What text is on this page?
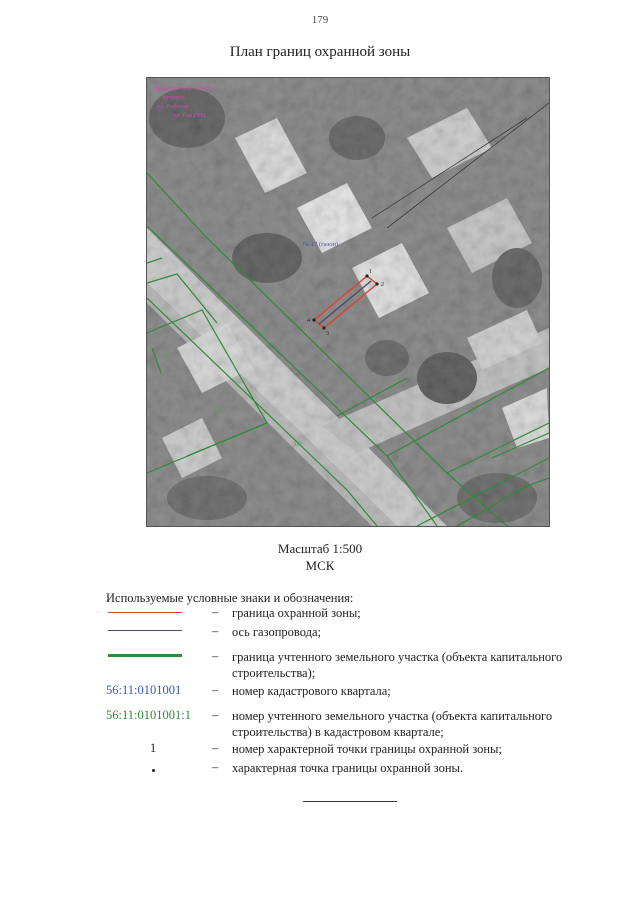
179
План границ охранной зоны
1
2
4
3
№ 17 (газоп)
337
337
458
335
Оренбургская область,
г. Бузулук,
ул. Рабочая
ул. Гая ГРП
Масштаб 1:500
МСК
Используемые условные знаки и обозначения:
– граница охранной зоны;
– ось газопровода;
– граница учтенного земельного участка (объекта капитального строительства);
56:11:0101001 – номер кадастрового квартала;
56:11:0101001:1 – номер учтенного земельного участка (объекта капитального строительства) в кадастровом квартале;
1	– номер характерной точки границы охранной зоны;
– характерная точка границы охранной зоны.
